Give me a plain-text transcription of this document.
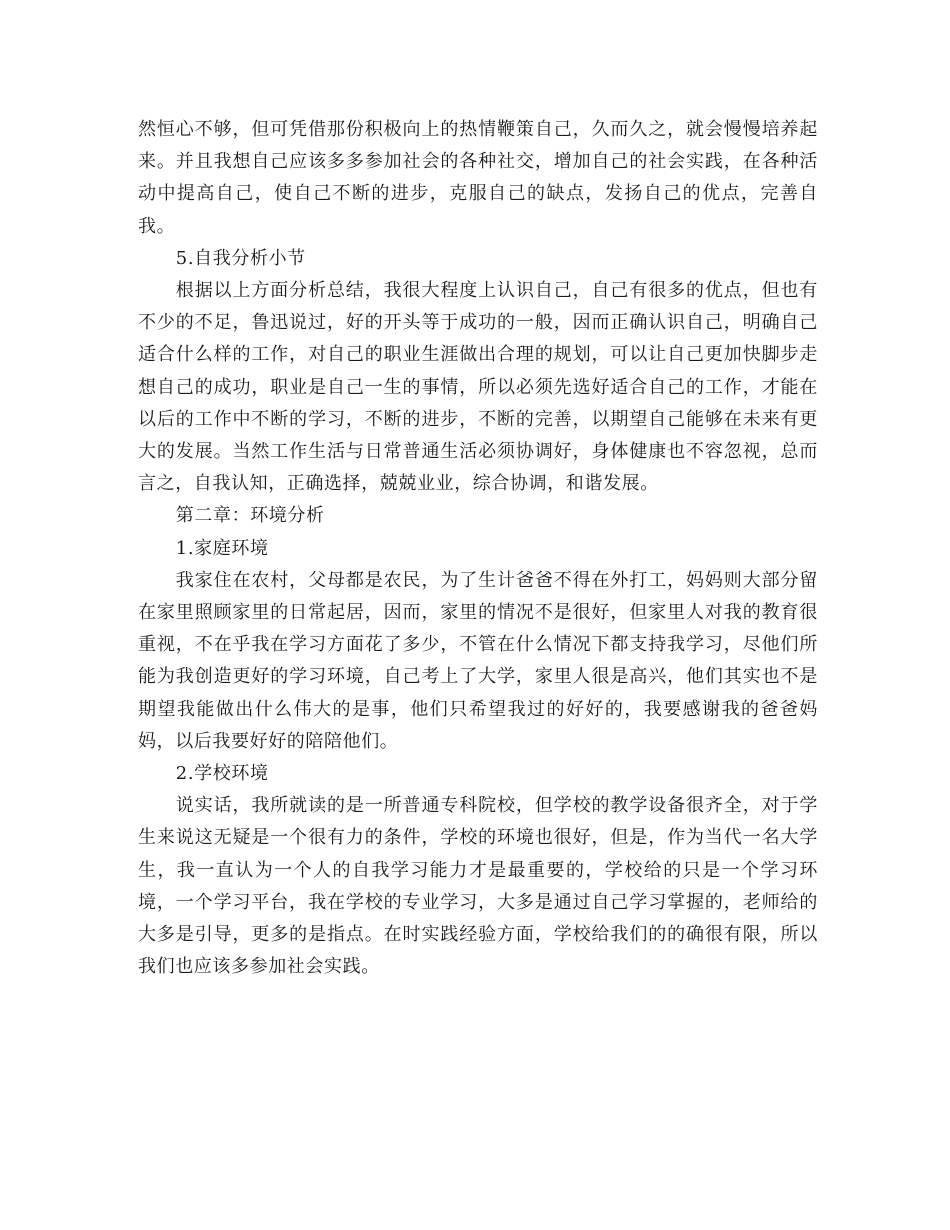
然恒心不够，但可凭借那份积极向上的热情鞭策自己，久而久之，就会慢慢培养起来。并且我想自己应该多多参加社会的各种社交，增加自己的社会实践，在各种活动中提高自己，使自己不断的进步，克服自己的缺点，发扬自己的优点，完善自我。

5.自我分析小节

根据以上方面分析总结，我很大程度上认识自己，自己有很多的优点，但也有不少的不足，鲁迅说过，好的开头等于成功的一般，因而正确认识自己，明确自己适合什么样的工作，对自己的职业生涯做出合理的规划，可以让自己更加快脚步走想自己的成功，职业是自己一生的事情，所以必须先选好适合自己的工作，才能在以后的工作中不断的学习，不断的进步，不断的完善，以期望自己能够在未来有更大的发展。当然工作生活与日常普通生活必须协调好，身体健康也不容忽视，总而言之，自我认知，正确选择，兢兢业业，综合协调，和谐发展。

第二章：环境分析

1.家庭环境

我家住在农村，父母都是农民，为了生计爸爸不得在外打工，妈妈则大部分留在家里照顾家里的日常起居，因而，家里的情况不是很好，但家里人对我的教育很重视，不在乎我在学习方面花了多少，不管在什么情况下都支持我学习，尽他们所能为我创造更好的学习环境，自己考上了大学，家里人很是高兴，他们其实也不是期望我能做出什么伟大的是事，他们只希望我过的好好的，我要感谢我的爸爸妈妈，以后我要好好的陪陪他们。

2.学校环境

说实话，我所就读的是一所普通专科院校，但学校的教学设备很齐全，对于学生来说这无疑是一个很有力的条件，学校的环境也很好，但是，作为当代一名大学生，我一直认为一个人的自我学习能力才是最重要的，学校给的只是一个学习环境，一个学习平台，我在学校的专业学习，大多是通过自己学习掌握的，老师给的大多是引导，更多的是指点。在时实践经验方面，学校给我们的的确很有限，所以我们也应该多参加社会实践。
